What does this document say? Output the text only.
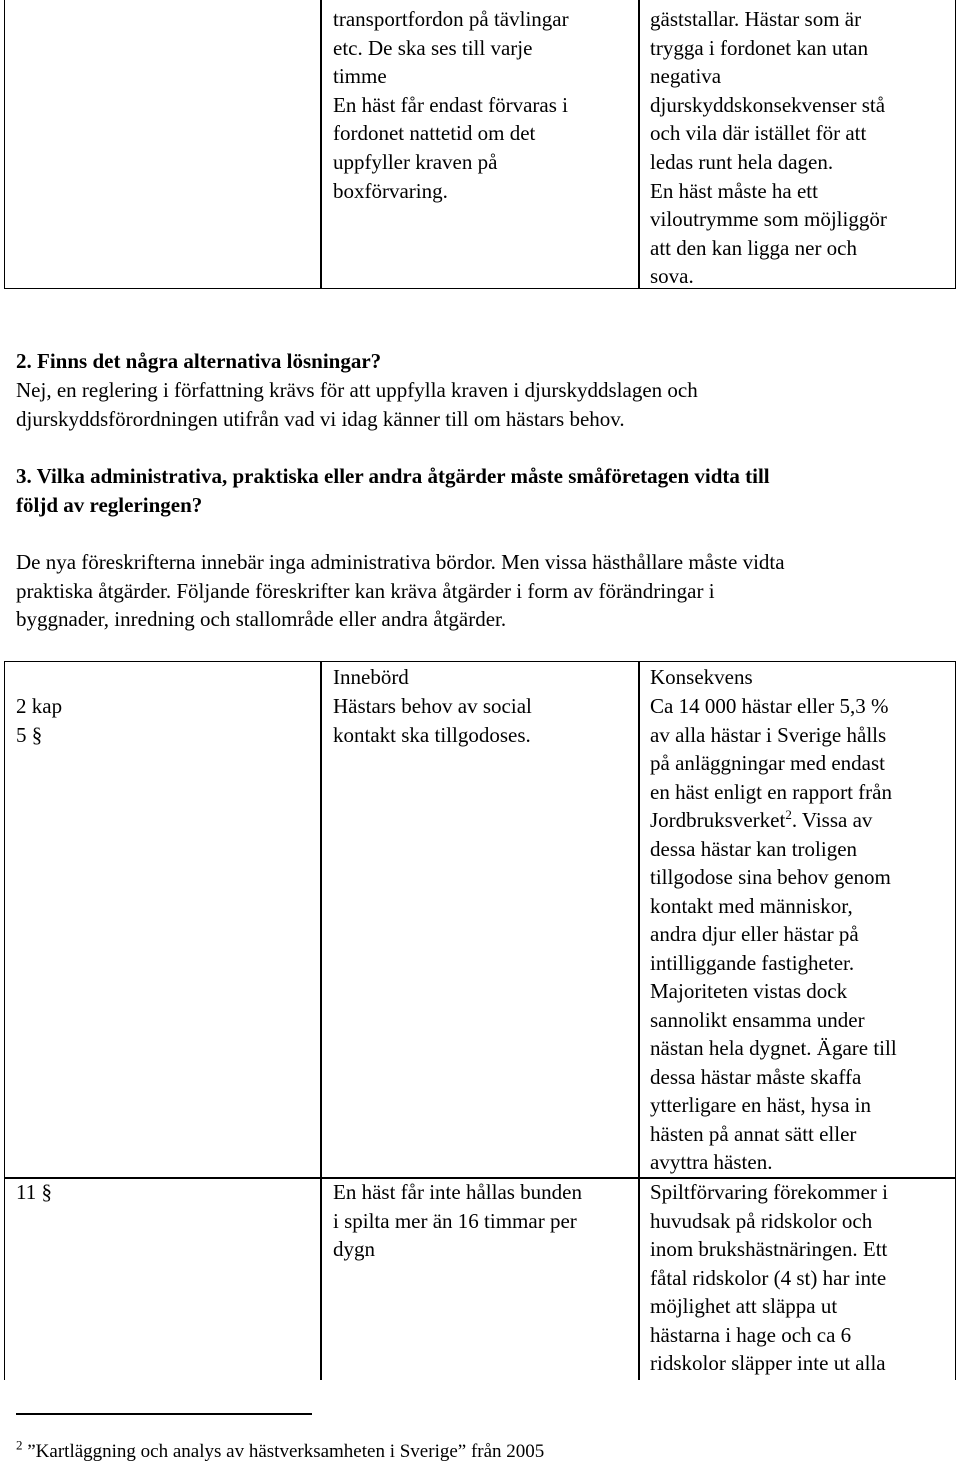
transportfordon på tävlingar

etc. De ska ses till varje

timme

En häst får endast förvaras i

fordonet nattetid om det

uppfyller kraven på

boxförvaring.

gäststallar. Hästar som är

trygga i fordonet kan utan

negativa

djurskyddskonsekvenser stå

och vila där istället för att

ledas runt hela dagen.

En häst måste ha ett

viloutrymme som möjliggör

att den kan ligga ner och

sova.

2. Finns det några alternativa lösningar?

Nej, en reglering i författning krävs för att uppfylla kraven i djurskyddslagen och

djurskyddsförordningen utifrån vad vi idag känner till om hästars behov.

3. Vilka administrativa, praktiska eller andra åtgärder måste småföretagen vidta till

följd av regleringen?

De nya föreskrifterna innebär inga administrativa bördor. Men vissa hästhållare måste vidta

praktiska åtgärder. Följande föreskrifter kan kräva åtgärder i form av förändringar i

byggnader, inredning och stallområde eller andra åtgärder.

Innebörd	Konsekvens

2 kap

5 §

Hästars behov av social

kontakt ska tillgodoses.

Ca 14 000 hästar eller 5,3 %

av alla hästar i Sverige hålls

på anläggningar med endast

en häst enligt en rapport från

Jordbruksverket$^2$. Vissa av

dessa hästar kan troligen

tillgodose sina behov genom

kontakt med människor,

andra djur eller hästar på

intilliggande fastigheter.

Majoriteten vistas dock

sannolikt ensamma under

nästan hela dygnet. Ägare till

dessa hästar måste skaffa

ytterligare en häst, hysa in

hästen på annat sätt eller

avyttra hästen.

11 §	En häst får inte hållas bunden

i spilta mer än 16 timmar per

dygn

Spiltförvaring förekommer i

huvudsak på ridskolor och

inom brukshästnäringen. Ett

fåtal ridskolor (4 st) har inte

möjlighet att släppa ut

hästarna i hage och ca 6

ridskolor släpper inte ut alla

$^2$ ”Kartläggning och analys av hästverksamheten i Sverige” från 2005
